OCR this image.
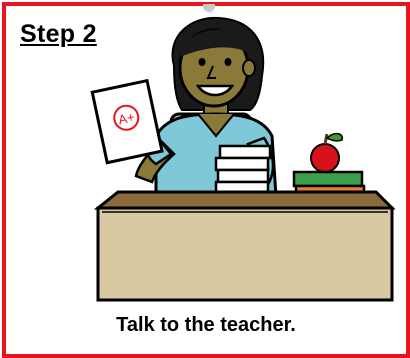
A+
Step 2
Talk to the teacher.
